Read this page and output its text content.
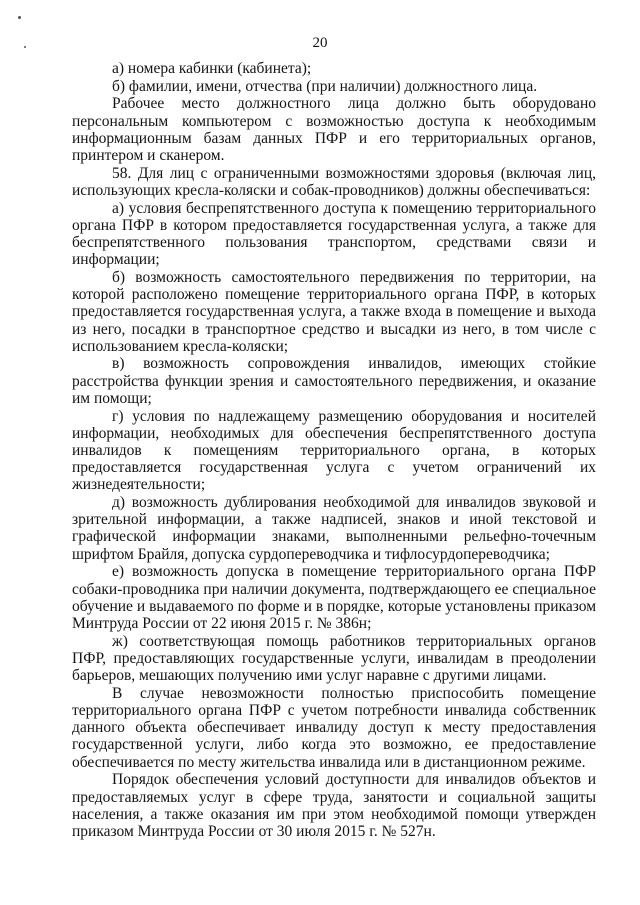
20

а) номера кабинки (кабинета);

б) фамилии, имени, отчества (при наличии) должностного лица.

Рабочее место должностного лица должно быть оборудовано персональным компьютером с возможностью доступа к необходимым информационным базам данных ПФР и его территориальных органов, принтером и сканером.

58. Для лиц с ограниченными возможностями здоровья (включая лиц, использующих кресла-коляски и собак-проводников) должны обеспечиваться:

а) условия беспрепятственного доступа к помещению территориального органа ПФР в котором предоставляется государственная услуга, а также для беспрепятственного пользования транспортом, средствами связи и информации;

б) возможность самостоятельного передвижения по территории, на которой расположено помещение территориального органа ПФР, в которых предоставляется государственная услуга, а также входа в помещение и выхода из него, посадки в транспортное средство и высадки из него, в том числе с использованием кресла-коляски;

в) возможность сопровождения инвалидов, имеющих стойкие расстройства функции зрения и самостоятельного передвижения, и оказание им помощи;

г) условия по надлежащему размещению оборудования и носителей информации, необходимых для обеспечения беспрепятственного доступа инвалидов к помещениям территориального органа, в которых предоставляется государственная услуга с учетом ограничений их жизнедеятельности;

д) возможность дублирования необходимой для инвалидов звуковой и зрительной информации, а также надписей, знаков и иной текстовой и графической информации знаками, выполненными рельефно-точечным шрифтом Брайля, допуска сурдопереводчика и тифлосурдопереводчика;

е) возможность допуска в помещение территориального органа ПФР собаки-проводника при наличии документа, подтверждающего ее специальное обучение и выдаваемого по форме и в порядке, которые установлены приказом Минтруда России от 22 июня 2015 г. № 386н;

ж) соответствующая помощь работников территориальных органов ПФР, предоставляющих государственные услуги, инвалидам в преодолении барьеров, мешающих получению ими услуг наравне с другими лицами.

В случае невозможности полностью приспособить помещение территориального органа ПФР с учетом потребности инвалида собственник данного объекта обеспечивает инвалиду доступ к месту предоставления государственной услуги, либо когда это возможно, ее предоставление обеспечивается по месту жительства инвалида или в дистанционном режиме.

Порядок обеспечения условий доступности для инвалидов объектов и предоставляемых услуг в сфере труда, занятости и социальной защиты населения, а также оказания им при этом необходимой помощи утвержден приказом Минтруда России от 30 июля 2015 г. № 527н.
